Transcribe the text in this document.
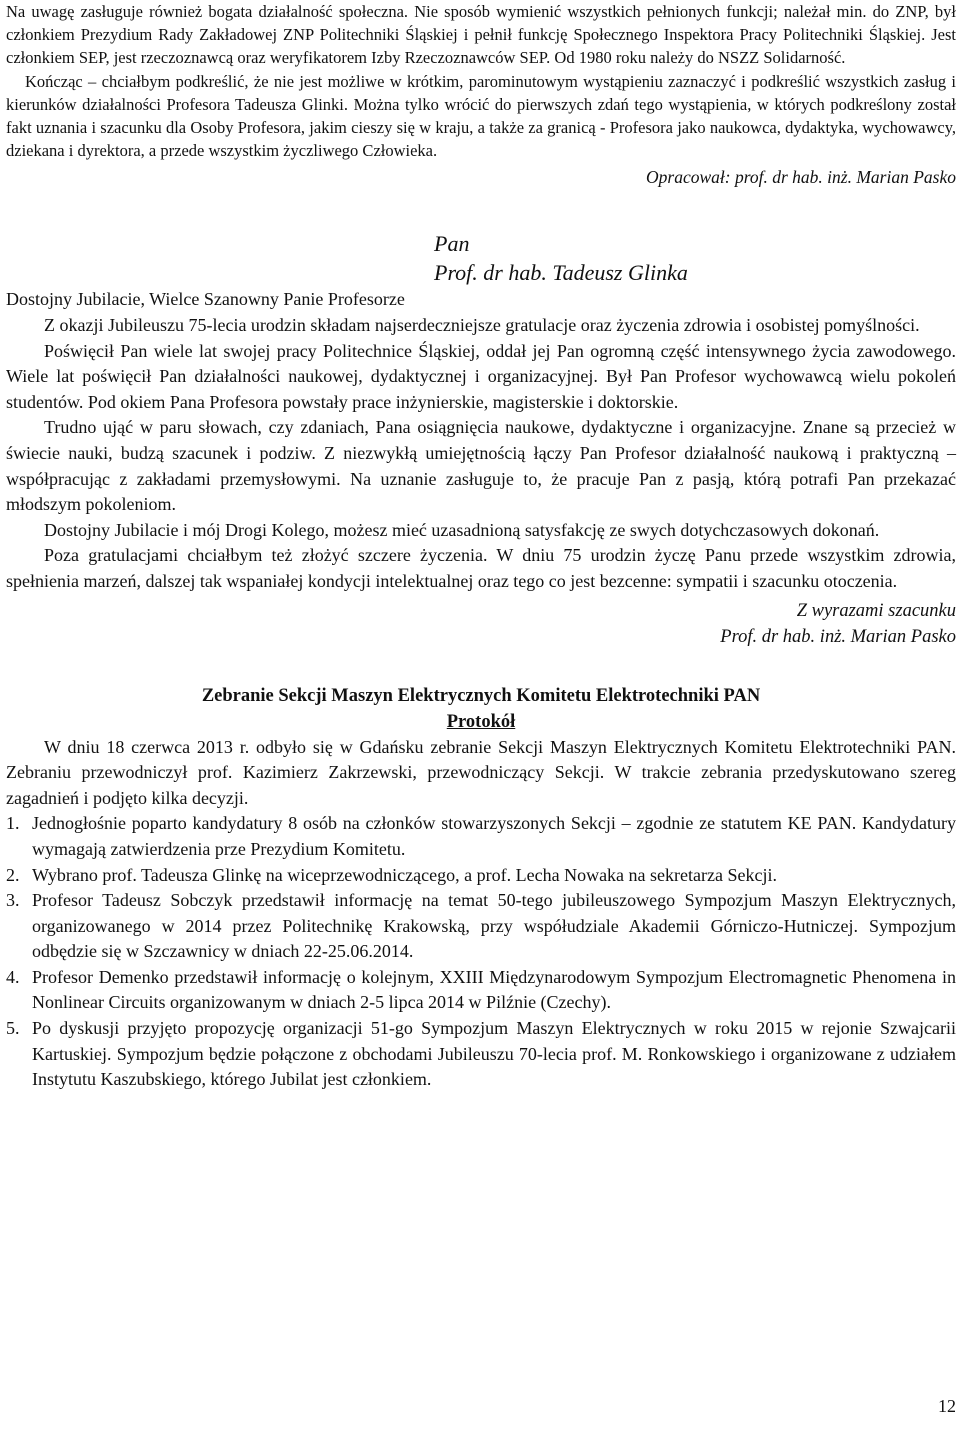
Na uwagę zasługuje również bogata działalność społeczna. Nie sposób wymienić wszystkich pełnionych funkcji; należał min. do ZNP, był członkiem Prezydium Rady Zakładowej ZNP Politechniki Śląskiej i pełnił funkcję Społecznego Inspektora Pracy Politechniki Śląskiej. Jest członkiem SEP, jest rzeczoznawcą oraz weryfikatorem Izby Rzeczoznawców SEP. Od 1980 roku należy do NSZZ Solidarność.

Kończąc – chciałbym podkreślić, że nie jest możliwe w krótkim, parominutowym wystąpieniu zaznaczyć i podkreślić wszystkich zasług i kierunków działalności Profesora Tadeusza Glinki. Można tylko wrócić do pierwszych zdań tego wystąpienia, w których podkreślony został fakt uznania i szacunku dla Osoby Profesora, jakim cieszy się w kraju, a także za granicą - Profesora jako naukowca, dydaktyka, wychowawcy, dziekana i dyrektora, a przede wszystkim życzliwego Człowieka.

Opracował: prof. dr hab. inż. Marian Pasko

Pan

Prof. dr hab. Tadeusz Glinka

Dostojny Jubilacie, Wielce Szanowny Panie Profesorze

Z okazji Jubileuszu 75-lecia urodzin składam najserdeczniejsze gratulacje oraz życzenia zdrowia i osobistej pomyślności.

Poświęcił Pan wiele lat swojej pracy Politechnice Śląskiej, oddał jej Pan ogromną część intensywnego życia zawodowego. Wiele lat poświęcił Pan działalności naukowej, dydaktycznej i organizacyjnej. Był Pan Profesor wychowawcą wielu pokoleń studentów. Pod okiem Pana Profesora powstały prace inżynierskie, magisterskie i doktorskie.

Trudno ująć w paru słowach, czy zdaniach, Pana osiągnięcia naukowe, dydaktyczne i organizacyjne. Znane są przecież w świecie nauki, budzą szacunek i podziw. Z niezwykłą umiejętnością łączy Pan Profesor działalność naukową i praktyczną – współpracując z zakładami przemysłowymi. Na uznanie zasługuje to, że pracuje Pan z pasją, którą potrafi Pan przekazać młodszym pokoleniom.

Dostojny Jubilacie i mój Drogi Kolego, możesz mieć uzasadnioną satysfakcję ze swych dotychczasowych dokonań.

Poza gratulacjami chciałbym też złożyć szczere życzenia. W dniu 75 urodzin życzę Panu przede wszystkim zdrowia, spełnienia marzeń, dalszej tak wspaniałej kondycji intelektualnej oraz tego co jest bezcenne: sympatii i szacunku otoczenia.

Z wyrazami szacunku

Prof. dr hab. inż. Marian Pasko

Zebranie Sekcji Maszyn Elektrycznych Komitetu Elektrotechniki PAN

Protokół

W dniu 18 czerwca 2013 r. odbyło się w Gdańsku zebranie Sekcji Maszyn Elektrycznych Komitetu Elektrotechniki PAN. Zebraniu przewodniczył prof. Kazimierz Zakrzewski, przewodniczący Sekcji. W trakcie zebrania przedyskutowano szereg zagadnień i podjęto kilka decyzji.

1. Jednogłośnie poparto kandydatury 8 osób na członków stowarzyszonych Sekcji – zgodnie ze statutem KE PAN. Kandydatury wymagają zatwierdzenia prze Prezydium Komitetu.
2. Wybrano prof. Tadeusza Glinkę na wiceprzewodniczącego, a prof. Lecha Nowaka na sekretarza Sekcji.
3. Profesor Tadeusz Sobczyk przedstawił informację na temat 50-tego jubileuszowego Sympozjum Maszyn Elektrycznych, organizowanego w 2014 przez Politechnikę Krakowską, przy współudziale Akademii Górniczo-Hutniczej. Sympozjum odbędzie się w Szczawnicy w dniach 22-25.06.2014.
4. Profesor Demenko przedstawił informację o kolejnym, XXIII Międzynarodowym Sympozjum Electromagnetic Phenomena in Nonlinear Circuits organizowanym w dniach 2-5 lipca 2014 w Pilźnie (Czechy).
5. Po dyskusji przyjęto propozycję organizacji 51-go Sympozjum Maszyn Elektrycznych w roku 2015 w rejonie Szwajcarii Kartuskiej. Sympozjum będzie połączone z obchodami Jubileuszu 70-lecia prof. M. Ronkowskiego i organizowane z udziałem Instytutu Kaszubskiego, którego Jubilat jest członkiem.
12
